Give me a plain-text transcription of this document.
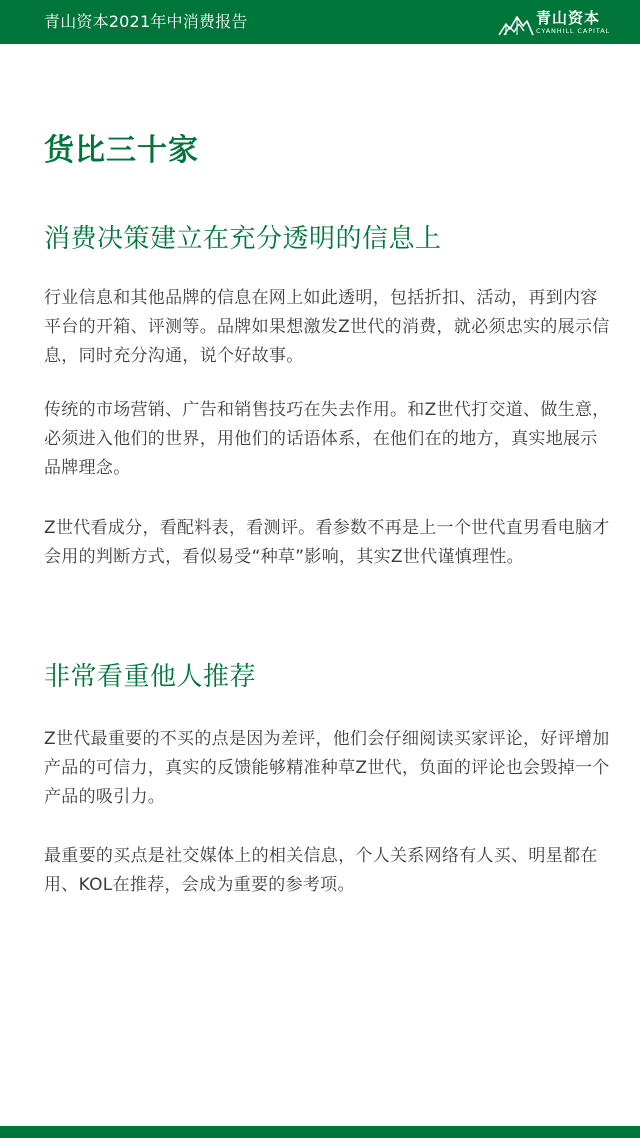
青山资本2021年中消费报告	青山资本
CYANHILL CAPITAL
货比三十家
消费决策建立在充分透明的信息上

行业信息和其他品牌的信息在网上如此透明，包括折扣、活动，再到内容平台的开箱、评测等。品牌如果想激发Z世代的消费，就必须忠实的展示信息，同时充分沟通，说个好故事。

传统的市场营销、广告和销售技巧在失去作用。和Z世代打交道、做生意，必须进入他们的世界，用他们的话语体系，在他们在的地方，真实地展示品牌理念。

Z世代看成分，看配料表，看测评。看参数不再是上一个世代直男看电脑才会用的判断方式，看似易受“种草”影响，其实Z世代谨慎理性。

非常看重他人推荐

Z世代最重要的不买的点是因为差评，他们会仔细阅读买家评论，好评增加产品的可信力，真实的反馈能够精准种草Z世代，负面的评论也会毁掉一个产品的吸引力。

最重要的买点是社交媒体上的相关信息，个人关系网络有人买、明星都在用、KOL在推荐，会成为重要的参考项。
